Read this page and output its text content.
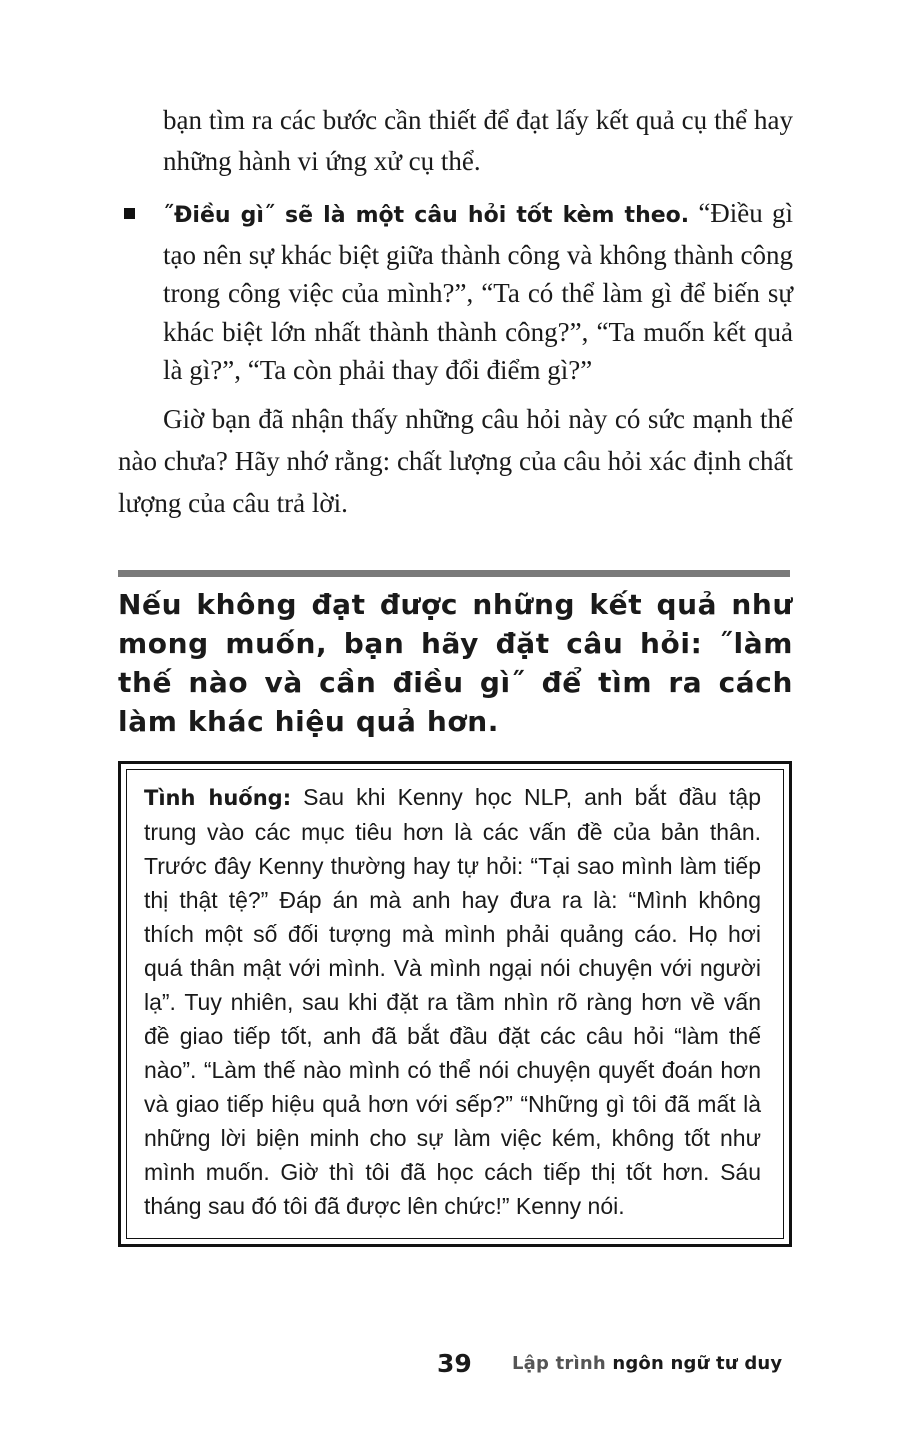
bạn tìm ra các bước cần thiết để đạt lấy kết quả cụ thể hay những hành vi ứng xử cụ thể.

˝Điều gì˝ sẽ là một câu hỏi tốt kèm theo. “Điều gì tạo nên sự khác biệt giữa thành công và không thành công trong công việc của mình?”, “Ta có thể làm gì để biến sự khác biệt lớn nhất thành thành công?”, “Ta muốn kết quả là gì?”, “Ta còn phải thay đổi điểm gì?”

Giờ bạn đã nhận thấy những câu hỏi này có sức mạnh thế nào chưa? Hãy nhớ rằng: chất lượng của câu hỏi xác định chất lượng của câu trả lời.

Nếu không đạt được những kết quả như mong muốn, bạn hãy đặt câu hỏi: ˝làm thế nào và cần điều gì˝ để tìm ra cách làm khác hiệu quả hơn.

Tình huống: Sau khi Kenny học NLP, anh bắt đầu tập trung vào các mục tiêu hơn là các vấn đề của bản thân. Trước đây Kenny thường hay tự hỏi: “Tại sao mình làm tiếp thị thật tệ?” Đáp án mà anh hay đưa ra là: “Mình không thích một số đối tượng mà mình phải quảng cáo. Họ hơi quá thân mật với mình. Và mình ngại nói chuyện với người lạ”. Tuy nhiên, sau khi đặt ra tầm nhìn rõ ràng hơn về vấn đề giao tiếp tốt, anh đã bắt đầu đặt các câu hỏi “làm thế nào”. “Làm thế nào mình có thể nói chuyện quyết đoán hơn và giao tiếp hiệu quả hơn với sếp?” “Những gì tôi đã mất là những lời biện minh cho sự làm việc kém, không tốt như mình muốn. Giờ thì tôi đã học cách tiếp thị tốt hơn. Sáu tháng sau đó tôi đã được lên chức!” Kenny nói.

39 Lập trình ngôn ngữ tư duy
